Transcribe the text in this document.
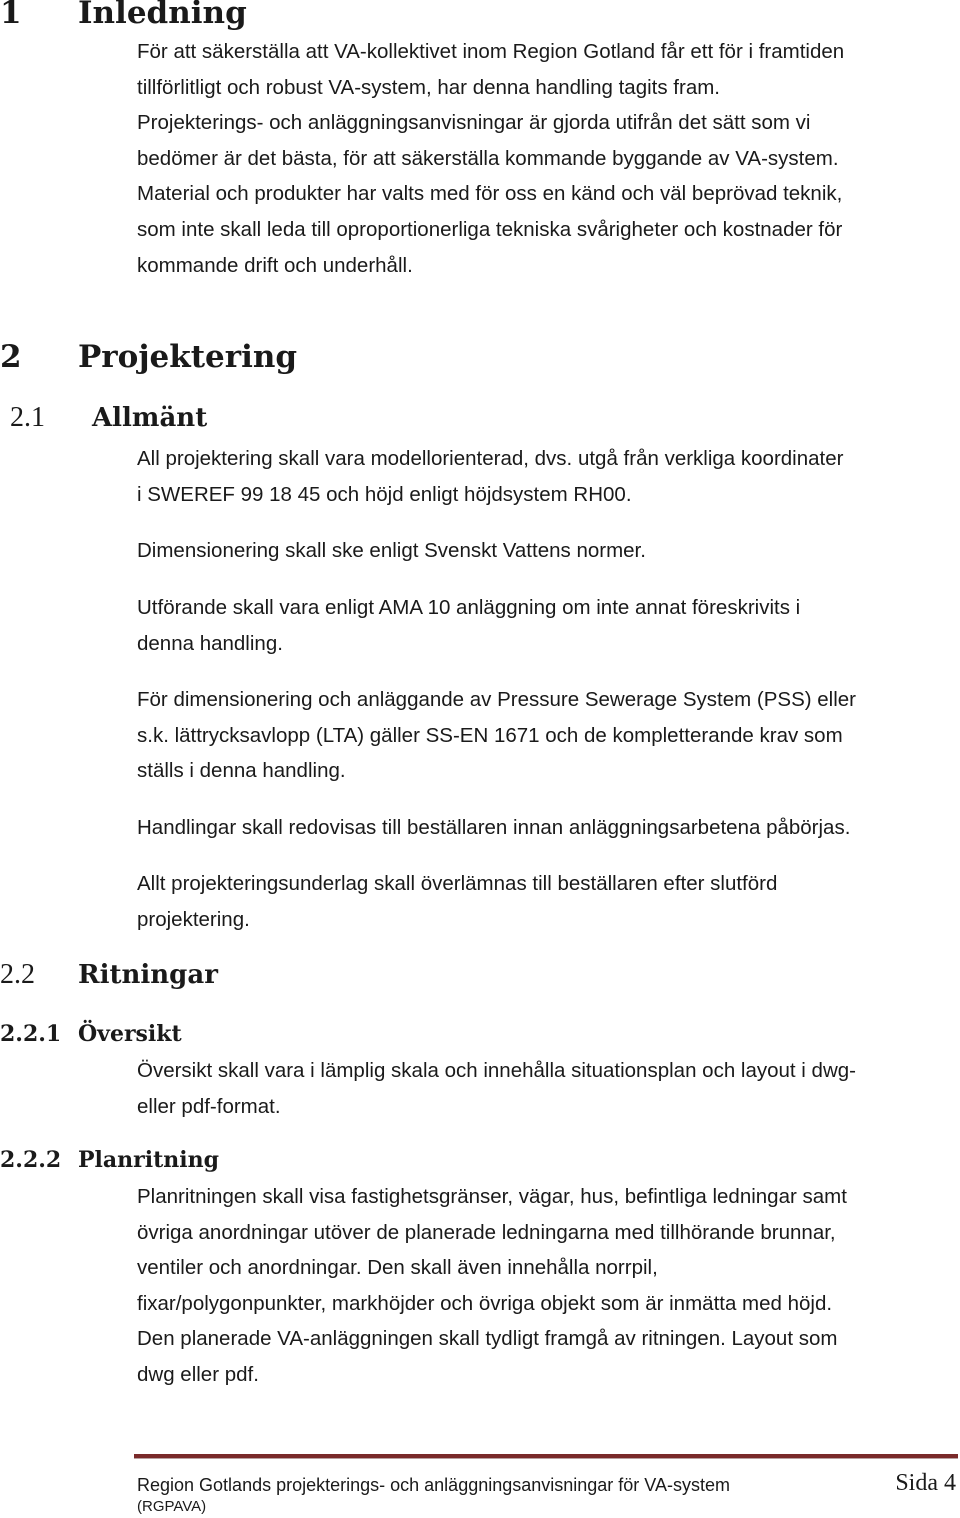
1 Inledning
För att säkerställa att VA-kollektivet inom Region Gotland får ett för i framtiden
tillförlitligt och robust VA-system, har denna handling tagits fram.
Projekterings- och anläggningsanvisningar är gjorda utifrån det sätt som vi
bedömer är det bästa, för att säkerställa kommande byggande av VA-system.
Material och produkter har valts med för oss en känd och väl beprövad teknik,
som inte skall leda till oproportionerliga tekniska svårigheter och kostnader för
kommande drift och underhåll.
2 Projektering
2.1 Allmänt
All projektering skall vara modellorienterad, dvs. utgå från verkliga koordinater
i SWEREF 99 18 45 och höjd enligt höjdsystem RH00.
Dimensionering skall ske enligt Svenskt Vattens normer.
Utförande skall vara enligt AMA 10 anläggning om inte annat föreskrivits i
denna handling.
För dimensionering och anläggande av Pressure Sewerage System (PSS) eller
s.k. lättrycksavlopp (LTA) gäller SS-EN 1671 och de kompletterande krav som
ställs i denna handling.
Handlingar skall redovisas till beställaren innan anläggningsarbetena påbörjas.
Allt projekteringsunderlag skall överlämnas till beställaren efter slutförd
projektering.
2.2 Ritningar
2.2.1 Översikt
Översikt skall vara i lämplig skala och innehålla situationsplan och layout i dwg-
eller pdf-format.
2.2.2 Planritning
Planritningen skall visa fastighetsgränser, vägar, hus, befintliga ledningar samt
övriga anordningar utöver de planerade ledningarna med tillhörande brunnar,
ventiler och anordningar. Den skall även innehålla norrpil,
fixar/polygonpunkter, markhöjder och övriga objekt som är inmätta med höjd.
Den planerade VA-anläggningen skall tydligt framgå av ritningen. Layout som
dwg eller pdf.
Region Gotlands projekterings- och anläggningsanvisningar för VA-system
(RGPAVA)
Sida 4
